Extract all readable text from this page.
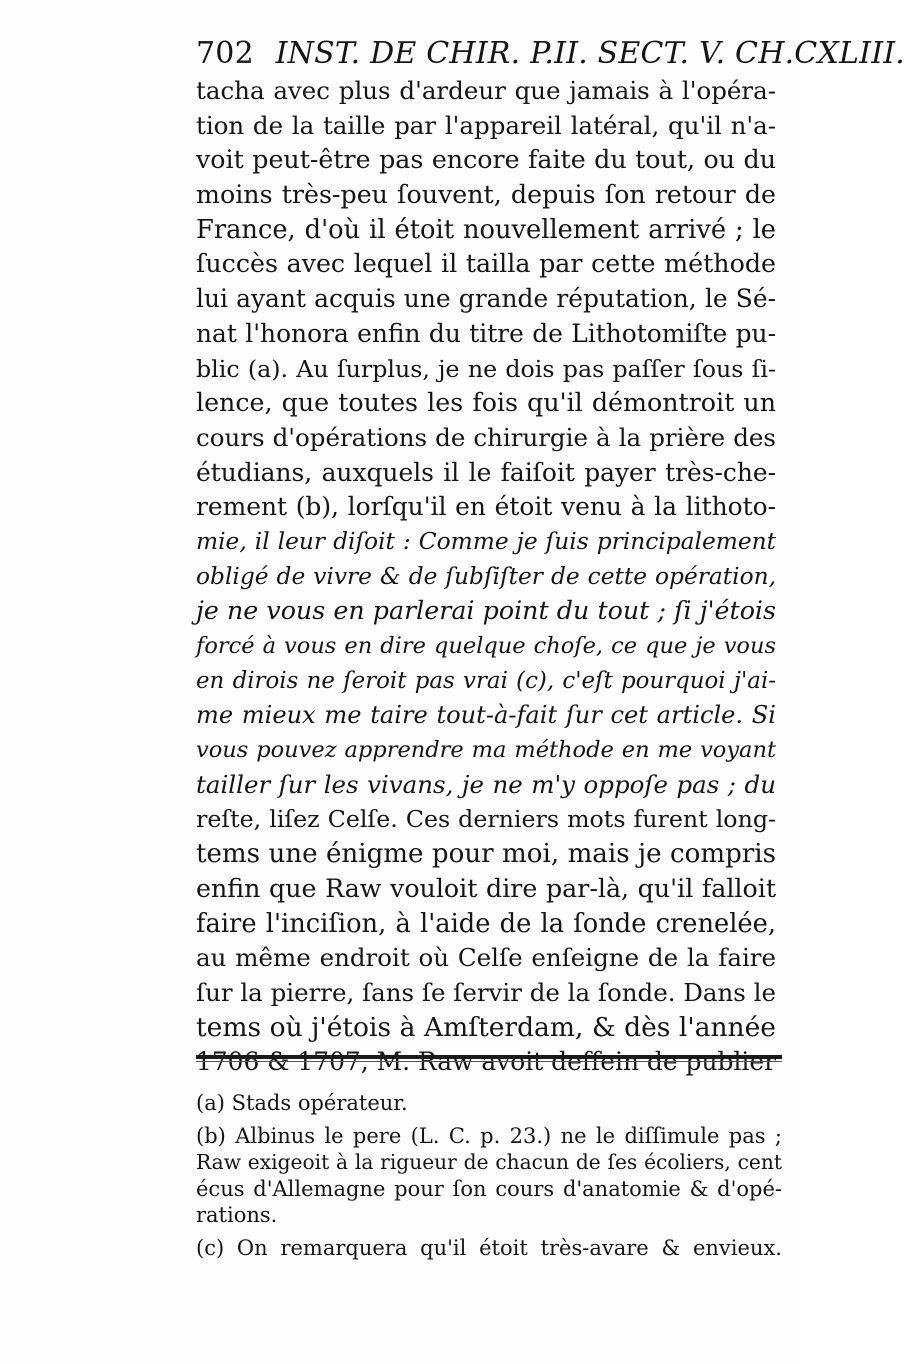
702 INST. DE CHIR. P.II. SECT. V. CH.CXLIII.
tacha avec plus d'ardeur que jamais à l'opéra-
tion de la taille par l'appareil latéral, qu'il n'a-
voit peut-être pas encore faite du tout, ou du
moins très-peu ſouvent, depuis ſon retour de
France, d'où il étoit nouvellement arrivé ; le
ſuccès avec lequel il tailla par cette méthode
lui ayant acquis une grande réputation, le Sé-
nat l'honora enfin du titre de Lithotomiſte pu-
blic (a). Au ſurplus, je ne dois pas paſſer ſous ſi-
lence, que toutes les fois qu'il démontroit un
cours d'opérations de chirurgie à la prière des
étudians, auxquels il le faiſoit payer très-che-
rement (b), lorſqu'il en étoit venu à la lithoto-
mie, il leur diſoit : Comme je ſuis principalement
obligé de vivre & de ſubſiſter de cette opération,
je ne vous en parlerai point du tout ; ſi j'étois
forcé à vous en dire quelque choſe, ce que je vous
en dirois ne ſeroit pas vrai (c), c'eſt pourquoi j'ai-
me mieux me taire tout-à-fait ſur cet article. Si
vous pouvez apprendre ma méthode en me voyant
tailler ſur les vivans, je ne m'y oppoſe pas ; du
reſte, liſez Celſe. Ces derniers mots furent long-
tems une énigme pour moi, mais je compris
enfin que Raw vouloit dire par-là, qu'il falloit
faire l'inciſion, à l'aide de la ſonde crenelée,
au même endroit où Celſe enſeigne de la faire
ſur la pierre, ſans ſe ſervir de la ſonde. Dans le
tems où j'étois à Amſterdam, & dès l'année
1706 & 1707, M. Raw avoit deſſein de publier
(a) Stads opérateur.
(b) Albinus le pere (L. C. p. 23.) ne le diſſimule pas ;
Raw exigeoit à la rigueur de chacun de ſes écoliers, cent
écus d'Allemagne pour ſon cours d'anatomie & d'opé-
rations.
(c) On remarquera qu'il étoit très-avare & envieux.
